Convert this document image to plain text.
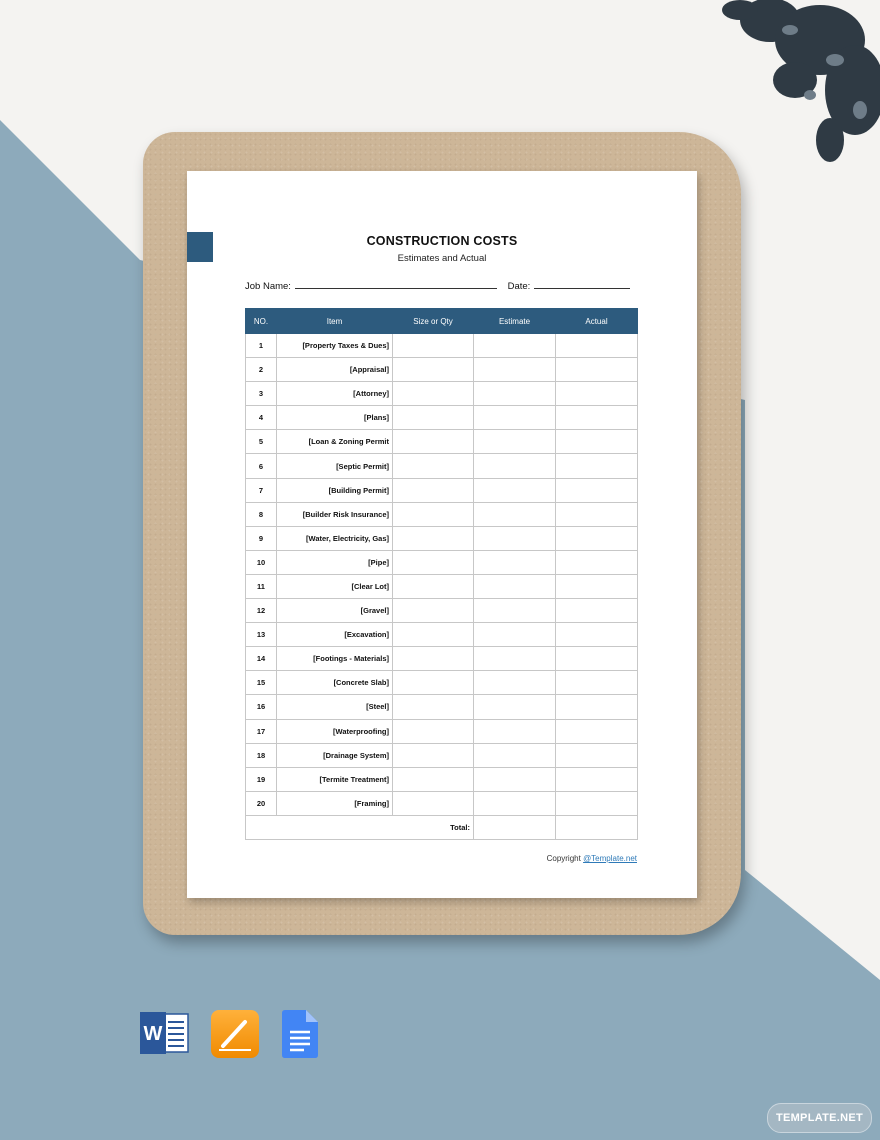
CONSTRUCTION COSTS
Estimates and Actual
Job Name:	Date:
NO.	Item	Size or Qty	Estimate	Actual
1	[Property Taxes & Dues]			
2	[Appraisal]			
3	[Attorney]			
4	[Plans]			
5	[Loan & Zoning Permit			
6	[Septic Permit]			
7	[Building Permit]			
8	[Builder Risk Insurance]			
9	[Water, Electricity, Gas]			
10	[Pipe]			
11	[Clear Lot]			
12	[Gravel]			
13	[Excavation]			
14	[Footings - Materials]			
15	[Concrete Slab]			
16	[Steel]			
17	[Waterproofing]			
18	[Drainage System]			
19	[Termite Treatment]			
20	[Framing]			
Total:				
Copyright @Template.net
W
TEMPLATE.NET
